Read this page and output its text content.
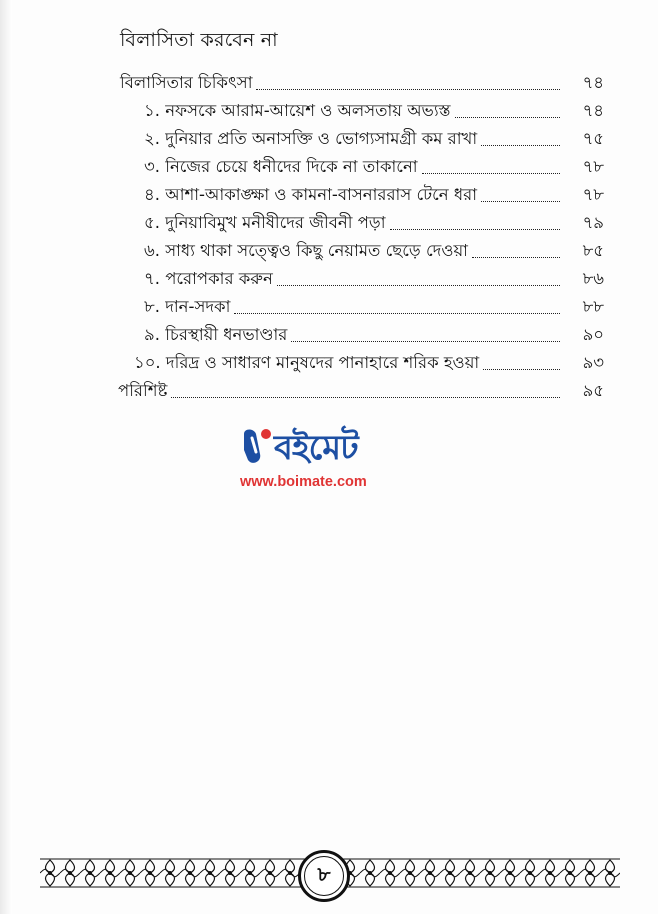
বিলাসিতা করবেন না
বিলাসিতার চিকিৎসা	৭৪
১. নফসকে আরাম-আয়েশ ও অলসতায় অভ্যস্ত	৭৪
২. দুনিয়ার প্রতি অনাসক্তি ও ভোগ্যসামগ্রী কম রাখা	৭৫
৩. নিজের চেয়ে ধনীদের দিকে না তাকানো	৭৮
৪. আশা-আকাঙ্ক্ষা ও কামনা-বাসনাররাস টেনে ধরা	৭৮
৫. দুনিয়াবিমুখ মনীষীদের জীবনী পড়া	৭৯
৬. সাধ্য থাকা সত্ত্বেও কিছু নেয়ামত ছেড়ে দেওয়া	৮৫
৭. পরোপকার করুন	৮৬
৮. দান-সদকা	৮৮
৯. চিরস্থায়ী ধনভাণ্ডার	৯০
১০. দরিদ্র ও সাধারণ মানুষদের পানাহারে শরিক হওয়া	৯৩
পরিশিষ্ট	৯৫
বইমেট
www.boimate.com
৮
